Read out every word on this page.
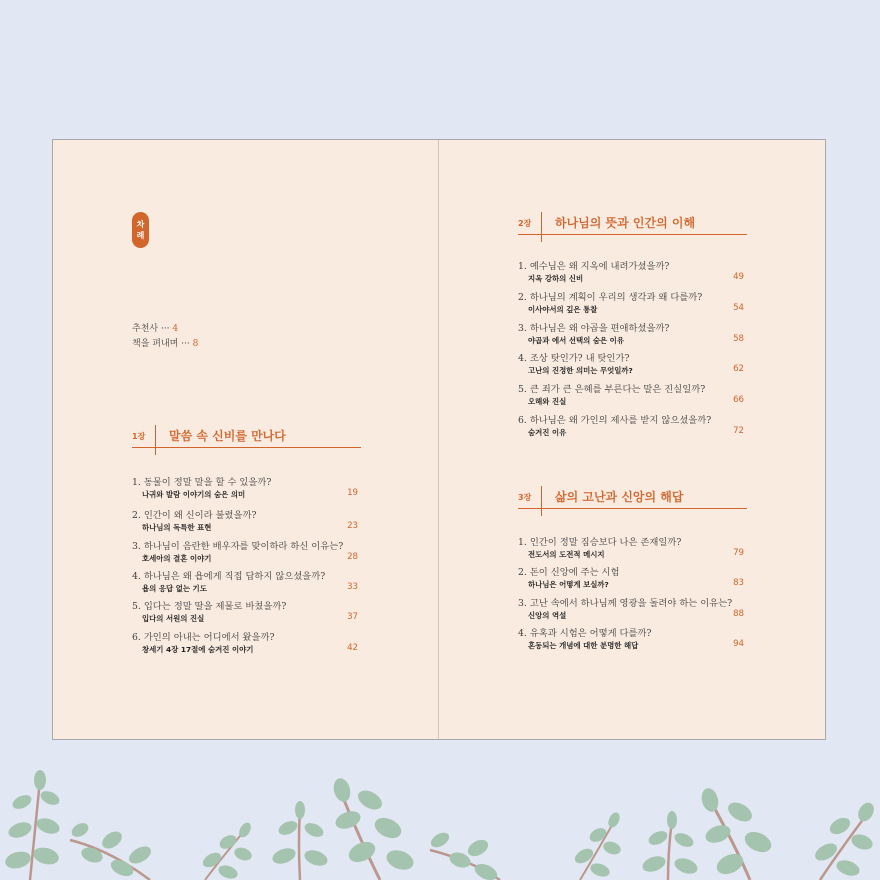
차
례
추천사 ··· 4
책을 펴내며 ··· 8
1장 말씀 속 신비를 만나다
1. 동물이 정말 말을 할 수 있을까?
나귀와 발람 이야기의 숨은 의미	19
2. 인간이 왜 신이라 불렸을까?
하나님의 독특한 표현	23
3. 하나님이 음란한 배우자를 맞이하라 하신 이유는?
호세아의 결혼 이야기	28
4. 하나님은 왜 욥에게 직접 답하지 않으셨을까?
욥의 응답 없는 기도	33
5. 입다는 정말 딸을 제물로 바쳤을까?
입다의 서원의 진실	37
6. 가인의 아내는 어디에서 왔을까?
창세기 4장 17절에 숨겨진 이야기	42
2장 하나님의 뜻과 인간의 이해
1. 예수님은 왜 지옥에 내려가셨을까?
지옥 강하의 신비	49
2. 하나님의 계획이 우리의 생각과 왜 다를까?
이사야서의 깊은 통찰	54
3. 하나님은 왜 야곱을 편애하셨을까?
야곱과 에서 선택의 숨은 이유	58
4. 조상 탓인가? 내 탓인가?
고난의 진정한 의미는 무엇일까?	62
5. 큰 죄가 큰 은혜를 부른다는 말은 진실일까?
오해와 진실	66
6. 하나님은 왜 가인의 제사를 받지 않으셨을까?
숨겨진 이유	72
3장 삶의 고난과 신앙의 해답
1. 인간이 정말 짐승보다 나은 존재일까?
전도서의 도전적 메시지	79
2. 돈이 신앙에 주는 시험
하나님은 어떻게 보실까?	83
3. 고난 속에서 하나님께 영광을 돌려야 하는 이유는?
신앙의 역설	88
4. 유혹과 시험은 어떻게 다를까?
혼동되는 개념에 대한 분명한 해답	94
